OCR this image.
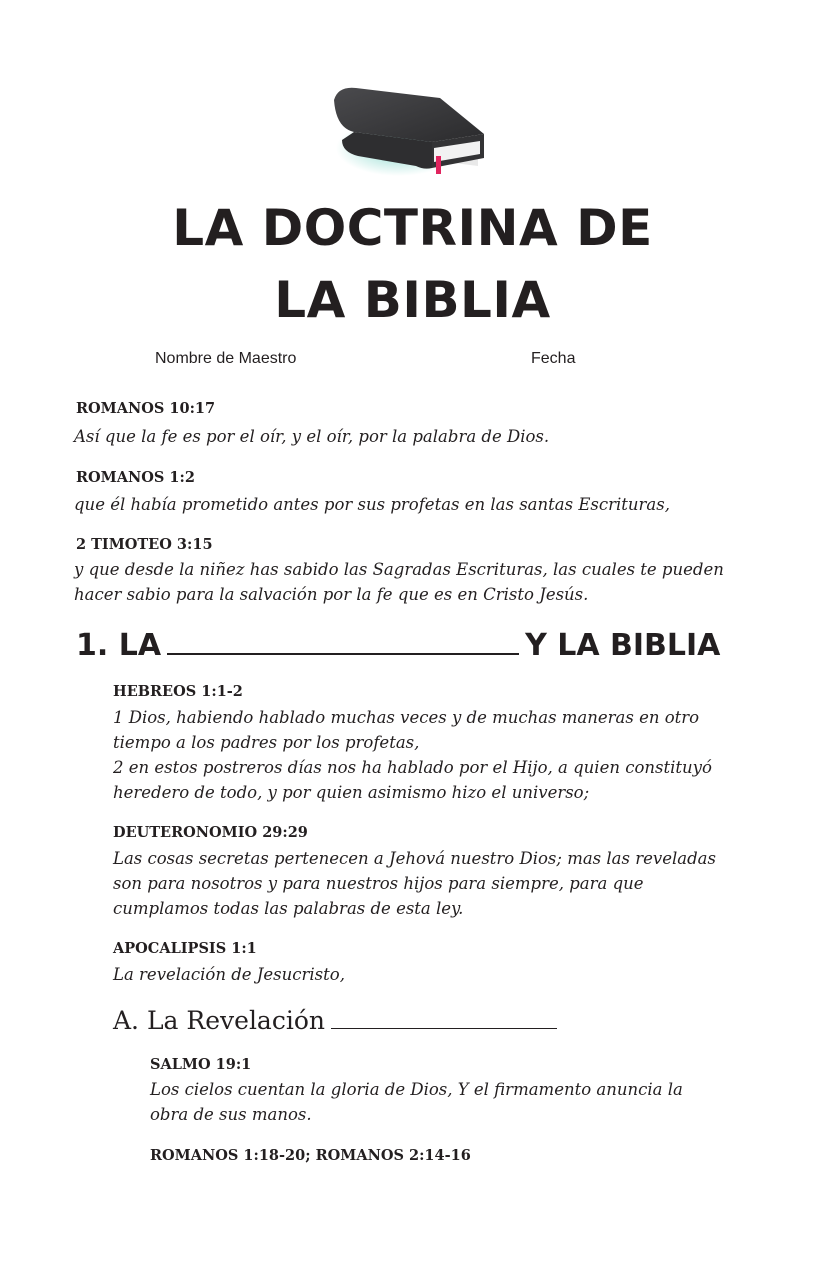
LA DOCTRINA DE
LA BIBLIA
Nombre de Maestro	Fecha
ROMANOS 10:17
Así que la fe es por el oír, y el oír, por la palabra de Dios.
ROMANOS 1:2
que él había prometido antes por sus profetas en las santas Escrituras,
2 TIMOTEO 3:15
y que desde la niñez has sabido las Sagradas Escrituras, las cuales te pueden
hacer sabio para la salvación por la fe que es en Cristo Jesús.
1. LA	Y LA BIBLIA
HEBREOS 1:1-2
1 Dios, habiendo hablado muchas veces y de muchas maneras en otro
tiempo a los padres por los profetas,
2 en estos postreros días nos ha hablado por el Hijo, a quien constituyó
heredero de todo, y por quien asimismo hizo el universo;
DEUTERONOMIO 29:29
Las cosas secretas pertenecen a Jehová nuestro Dios; mas las reveladas
son para nosotros y para nuestros hijos para siempre, para que
cumplamos todas las palabras de esta ley.
APOCALIPSIS 1:1
La revelación de Jesucristo,
A. La Revelación
SALMO 19:1
Los cielos cuentan la gloria de Dios, Y el firmamento anuncia la
obra de sus manos.
ROMANOS 1:18-20; ROMANOS 2:14-16
